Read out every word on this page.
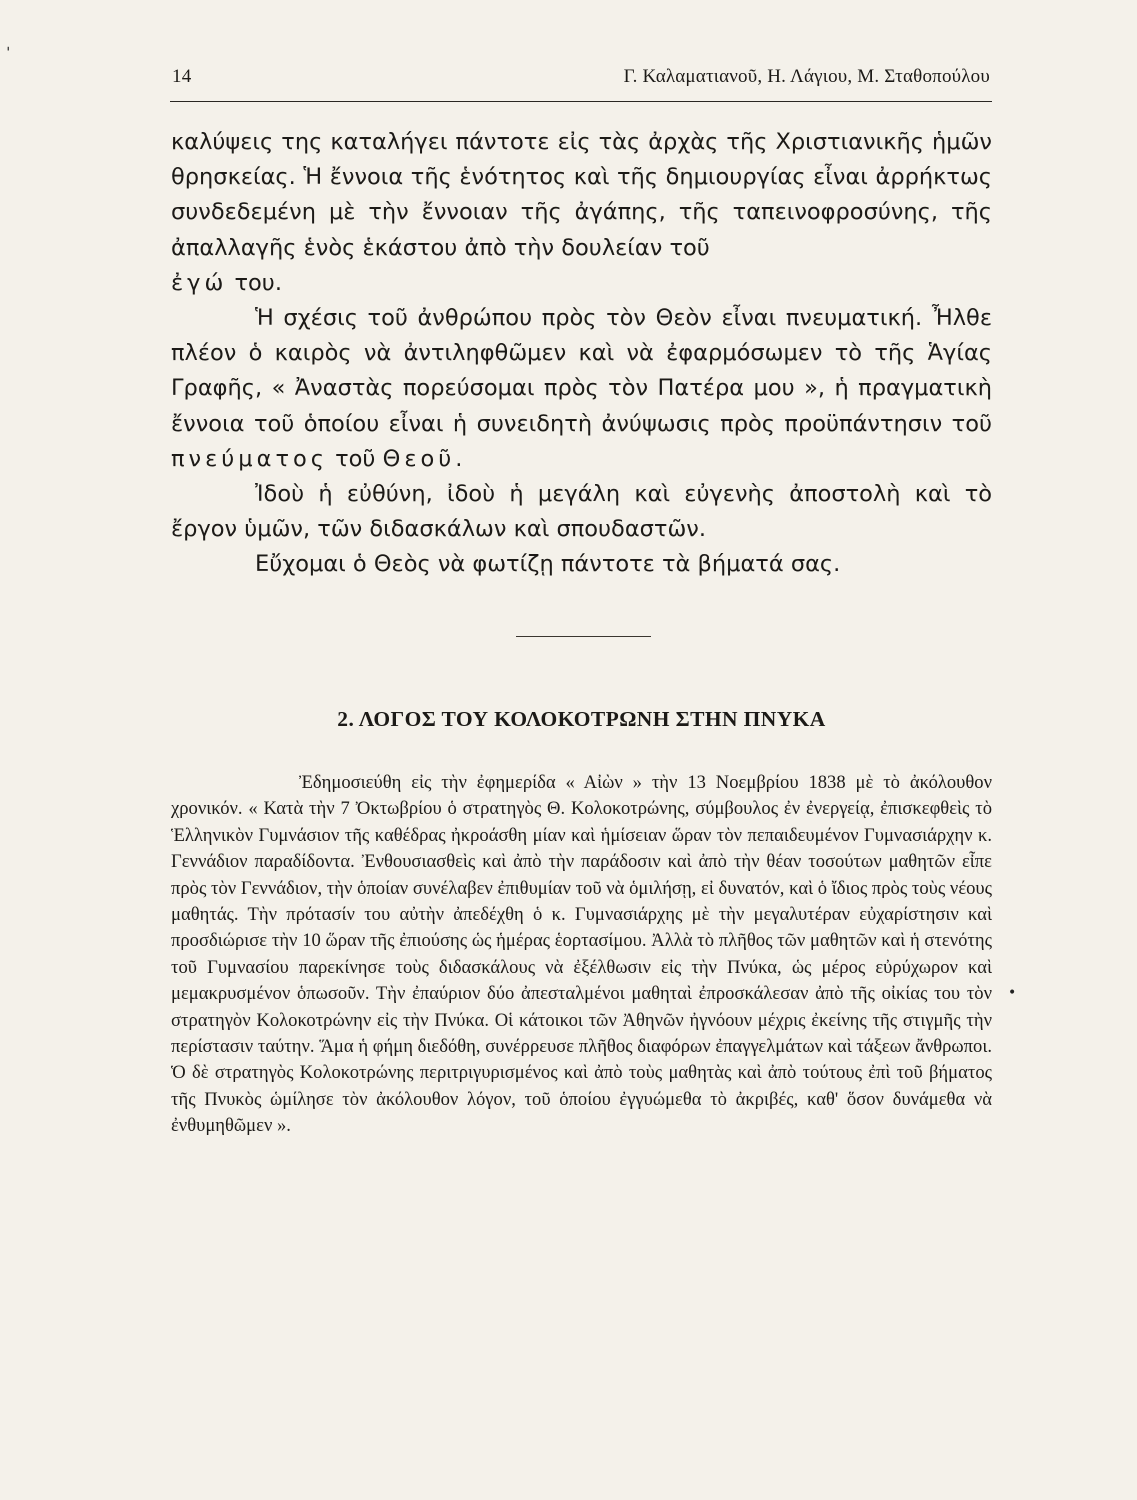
14	Γ. Καλαματιανοῦ, Η. Λάγιου, Μ. Σταθοπούλου

καλύψεις της καταλήγει πάντοτε εἰς τὰς ἀρχὰς τῆς Χριστιανικῆς ἡμῶν θρησκείας. Ἡ ἔννοια τῆς ἑνότητος καὶ τῆς δημιουργίας εἶναι ἀρρήκτως συνδεδεμένη μὲ τὴν ἔννοιαν τῆς ἀγάπης, τῆς ταπεινοφροσύνης, τῆς ἀπαλλαγῆς ἑνὸς ἑκάστου ἀπὸ τὴν δουλείαν τοῦ
ἐγώ του.

Ἡ σχέσις τοῦ ἀνθρώπου πρὸς τὸν Θεὸν εἶναι πνευματική. Ἦλθε πλέον ὁ καιρὸς νὰ ἀντιληφθῶμεν καὶ νὰ ἐφαρμόσωμεν τὸ τῆς Ἁγίας Γραφῆς, « Ἀναστὰς πορεύσομαι πρὸς τὸν Πατέρα μου », ἡ πραγματικὴ ἔννοια τοῦ ὁποίου εἶναι ἡ συνειδητὴ ἀνύψωσις πρὸς προϋπάντησιν τοῦ πνεύματος τοῦ Θεοῦ.

Ἰδοὺ ἡ εὐθύνη, ἰδοὺ ἡ μεγάλη καὶ εὐγενὴς ἀποστολὴ καὶ τὸ ἔργον ὑμῶν, τῶν διδασκάλων καὶ σπουδαστῶν.

Εὔχομαι ὁ Θεὸς νὰ φωτίζῃ πάντοτε τὰ βήματά σας.

2. ΛΟΓΟΣ ΤΟΥ ΚΟΛΟΚΟΤΡΩΝΗ ΣΤΗΝ ΠΝΥΚΑ
Ἐδημοσιεύθη εἰς τὴν ἐφημερίδα « Αἰὼν » τὴν 13 Νοεμβρίου 1838 μὲ τὸ ἀκόλουθον χρονικόν. « Κατὰ τὴν 7 Ὀκτωβρίου ὁ στρατηγὸς Θ. Κολοκοτρώνης, σύμβουλος ἐν ἐνεργείᾳ, ἐπισκεφθεὶς τὸ Ἑλληνικὸν Γυμνάσιον τῆς καθέδρας ἠκροάσθη μίαν καὶ ἡμίσειαν ὥραν τὸν πεπαιδευμένον Γυμνασιάρχην κ. Γεννάδιον παραδίδοντα. Ἐνθουσιασθεὶς καὶ ἀπὸ τὴν παράδοσιν καὶ ἀπὸ τὴν θέαν τοσούτων μαθητῶν εἶπε πρὸς τὸν Γεννάδιον, τὴν ὁποίαν συνέλαβεν ἐπιθυμίαν τοῦ νὰ ὁμιλήσῃ, εἰ δυνατόν, καὶ ὁ ἴδιος πρὸς τοὺς νέους μαθητάς. Τὴν πρότασίν του αὐτὴν ἀπεδέχθη ὁ κ. Γυμνασιάρχης μὲ τὴν μεγαλυτέραν εὐχαρίστησιν καὶ προσδιώρισε τὴν 10 ὥραν τῆς ἐπιούσης ὡς ἡμέρας ἑορτασίμου. Ἀλλὰ τὸ πλῆθος τῶν μαθητῶν καὶ ἡ στενότης τοῦ Γυμνασίου παρεκίνησε τοὺς διδασκάλους νὰ ἐξέλθωσιν εἰς τὴν Πνύκα, ὡς μέρος εὐρύχωρον καὶ μεμακρυσμένον ὁπωσοῦν. Τὴν ἐπαύριον δύο ἀπεσταλμένοι μαθηταὶ ἐπροσκάλεσαν ἀπὸ τῆς οἰκίας του τὸν στρατηγὸν Κολοκοτρώνην εἰς τὴν Πνύκα. Οἱ κάτοικοι τῶν Ἀθηνῶν ἠγνόουν μέχρις ἐκείνης τῆς στιγμῆς τὴν περίστασιν ταύτην. Ἅμα ἡ φήμη διεδόθη, συνέρρευσε πλῆθος διαφόρων ἐπαγγελμάτων καὶ τάξεων ἄνθρωποι. Ὁ δὲ στρατηγὸς Κολοκοτρώνης περιτριγυρισμένος καὶ ἀπὸ τοὺς μαθητὰς καὶ ἀπὸ τούτους ἐπὶ τοῦ βήματος τῆς Πνυκὸς ὡμίλησε τὸν ἀκόλουθον λόγον, τοῦ ὁποίου ἐγγυώμεθα τὸ ἀκριβές, καθ' ὅσον δυνάμεθα νὰ ἐνθυμηθῶμεν ».
ˈ
•
